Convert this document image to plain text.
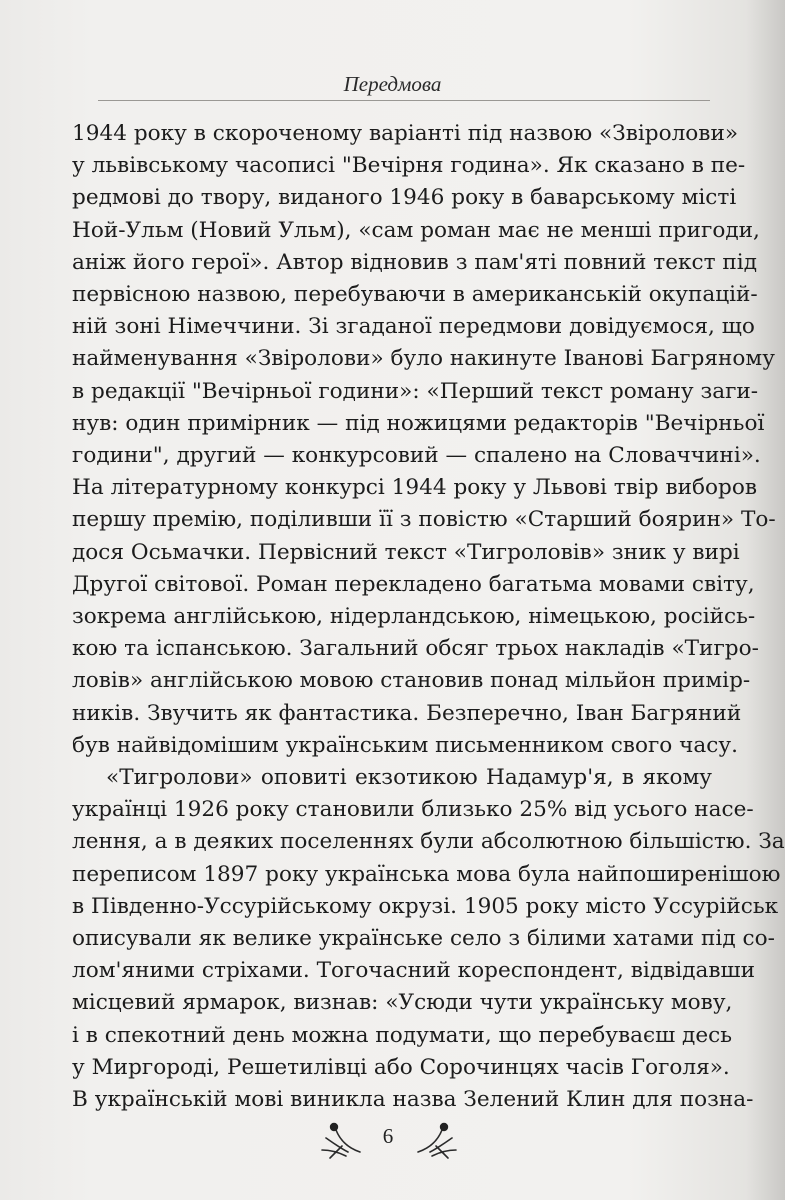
Передмова
1944 року в скороченому варіанті під назвою «Звіролови»
у львівському часописі "Вечірня година». Як сказано в пе-
редмові до твору, виданого 1946 року в баварському місті
Ной-Ульм (Новий Ульм), «сам роман має не менші пригоди,
аніж його герої». Автор відновив з пам'яті повний текст під
первісною назвою, перебуваючи в американській окупацій-
ній зоні Німеччини. Зі згаданої передмови довідуємося, що
найменування «Звіролови» було накинуте Іванові Багряному
в редакції "Вечірньої години»: «Перший текст роману заги-
нув: один примірник — під ножицями редакторів "Вечірньої
години", другий — конкурсовий — спалено на Словаччині».
На літературному конкурсі 1944 року у Львові твір виборов
першу премію, поділивши її з повістю «Старший боярин» То-
дося Осьмачки. Первісний текст «Тигроловів» зник у вирі
Другої світової. Роман перекладено багатьма мовами світу,
зокрема англійською, нідерландською, німецькою, російсь-
кою та іспанською. Загальний обсяг трьох накладів «Тигро-
ловів» англійською мовою становив понад мільйон примір-
ників. Звучить як фантастика. Безперечно, Іван Багряний
був найвідомішим українським письменником свого часу.
«Тигролови» оповиті екзотикою Надамур'я, в якому
українці 1926 року становили близько 25% від усього насе-
лення, а в деяких поселеннях були абсолютною більшістю. За
переписом 1897 року українська мова була найпоширенішою
в Південно-Уссурійському окрузі. 1905 року місто Уссурійськ
описували як велике українське село з білими хатами під со-
лом'яними стріхами. Тогочасний кореспондент, відвідавши
місцевий ярмарок, визнав: «Усюди чути українську мову,
і в спекотний день можна подумати, що перебуваєш десь
у Миргороді, Решетилівці або Сорочинцях часів Гоголя».
В українській мові виникла назва Зелений Клин для позна-
6
